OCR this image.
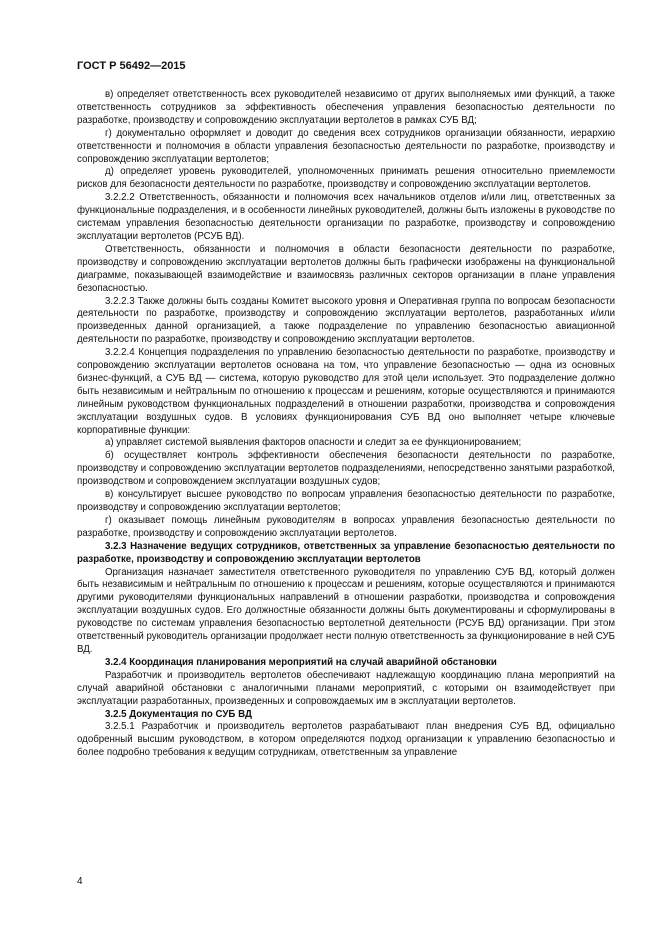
ГОСТ Р 56492—2015

в) определяет ответственность всех руководителей независимо от других выполняемых ими функций, а также ответственность сотрудников за эффективность обеспечения управления безопасностью деятельности по разработке, производству и сопровождению эксплуатации вертолетов в рамках СУБ ВД;

г) документально оформляет и доводит до сведения всех сотрудников организации обязанности, иерархию ответственности и полномочия в области управления безопасностью деятельности по разработке, производству и сопровождению эксплуатации вертолетов;

д) определяет уровень руководителей, уполномоченных принимать решения относительно приемлемости рисков для безопасности деятельности по разработке, производству и сопровождению эксплуатации вертолетов.

3.2.2.2 Ответственность, обязанности и полномочия всех начальников отделов и/или лиц, ответственных за функциональные подразделения, и в особенности линейных руководителей, должны быть изложены в руководстве по системам управления безопасностью деятельности организации по разработке, производству и сопровождению эксплуатации вертолетов (РСУБ ВД).

Ответственность, обязанности и полномочия в области безопасности деятельности по разработке, производству и сопровождению эксплуатации вертолетов должны быть графически изображены на функциональной диаграмме, показывающей взаимодействие и взаимосвязь различных секторов организации в плане управления безопасностью.

3.2.2.3 Также должны быть созданы Комитет высокого уровня и Оперативная группа по вопросам безопасности деятельности по разработке, производству и сопровождению эксплуатации вертолетов, разработанных и/или произведенных данной организацией, а также подразделение по управлению безопасностью авиационной деятельности по разработке, производству и сопровождению эксплуатации вертолетов.

3.2.2.4 Концепция подразделения по управлению безопасностью деятельности по разработке, производству и сопровождению эксплуатации вертолетов основана на том, что управление безопасностью — одна из основных бизнес-функций, а СУБ ВД — система, которую руководство для этой цели использует. Это подразделение должно быть независимым и нейтральным по отношению к процессам и решениям, которые осуществляются и принимаются линейным руководством функциональных подразделений в отношении разработки, производства и сопровождения эксплуатации воздушных судов. В условиях функционирования СУБ ВД оно выполняет четыре ключевые корпоративные функции:

а) управляет системой выявления факторов опасности и следит за ее функционированием;

б) осуществляет контроль эффективности обеспечения безопасности деятельности по разработке, производству и сопровождению эксплуатации вертолетов подразделениями, непосредственно занятыми разработкой, производством и сопровождением эксплуатации воздушных судов;

в) консультирует высшее руководство по вопросам управления безопасностью деятельности по разработке, производству и сопровождению эксплуатации вертолетов;

г) оказывает помощь линейным руководителям в вопросах управления безопасностью деятельности по разработке, производству и сопровождению эксплуатации вертолетов.

3.2.3 Назначение ведущих сотрудников, ответственных за управление безопасностью деятельности по разработке, производству и сопровождению эксплуатации вертолетов

Организация назначает заместителя ответственного руководителя по управлению СУБ ВД, который должен быть независимым и нейтральным по отношению к процессам и решениям, которые осуществляются и принимаются другими руководителями функциональных направлений в отношении разработки, производства и сопровождения эксплуатации воздушных судов. Его должностные обязанности должны быть документированы и сформулированы в руководстве по системам управления безопасностью вертолетной деятельности (РСУБ ВД) организации. При этом ответственный руководитель организации продолжает нести полную ответственность за функционирование в ней СУБ ВД.

3.2.4 Координация планирования мероприятий на случай аварийной обстановки

Разработчик и производитель вертолетов обеспечивают надлежащую координацию плана мероприятий на случай аварийной обстановки с аналогичными планами мероприятий, с которыми он взаимодействует при эксплуатации разработанных, произведенных и сопровождаемых им в эксплуатации вертолетов.

3.2.5 Документация по СУБ ВД

3.2.5.1 Разработчик и производитель вертолетов разрабатывают план внедрения СУБ ВД, официально одобренный высшим руководством, в котором определяются подход организации к управлению безопасностью и более подробно требования к ведущим сотрудникам, ответственным за управление

4
